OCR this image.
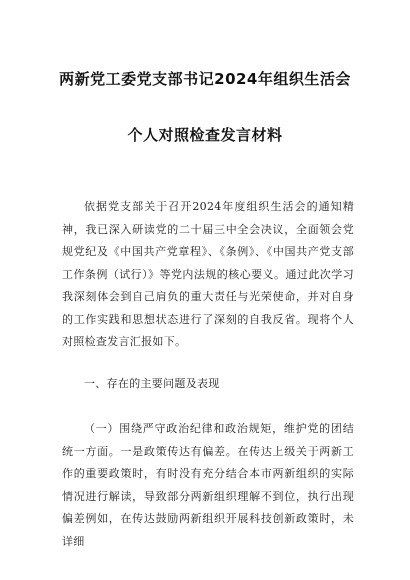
两新党工委党支部书记2024年组织生活会
个人对照检查发言材料
依据党支部关于召开2024年度组织生活会的通知精神，我已深入研读党的二十届三中全会决议，全面领会党规党纪及《中国共产党章程》、《条例》、《中国共产党支部工作条例（试行）》等党内法规的核心要义。通过此次学习我深刻体会到自己肩负的重大责任与光荣使命，并对自身的工作实践和思想状态进行了深刻的自我反省。现将个人对照检查发言汇报如下。
一、存在的主要问题及表现
（一）围绕严守政治纪律和政治规矩，维护党的团结统一方面。一是政策传达有偏差。在传达上级关于两新工作的重要政策时，有时没有充分结合本市两新组织的实际情况进行解读，导致部分两新组织理解不到位，执行出现偏差例如，在传达鼓励两新组织开展科技创新政策时，未详细
